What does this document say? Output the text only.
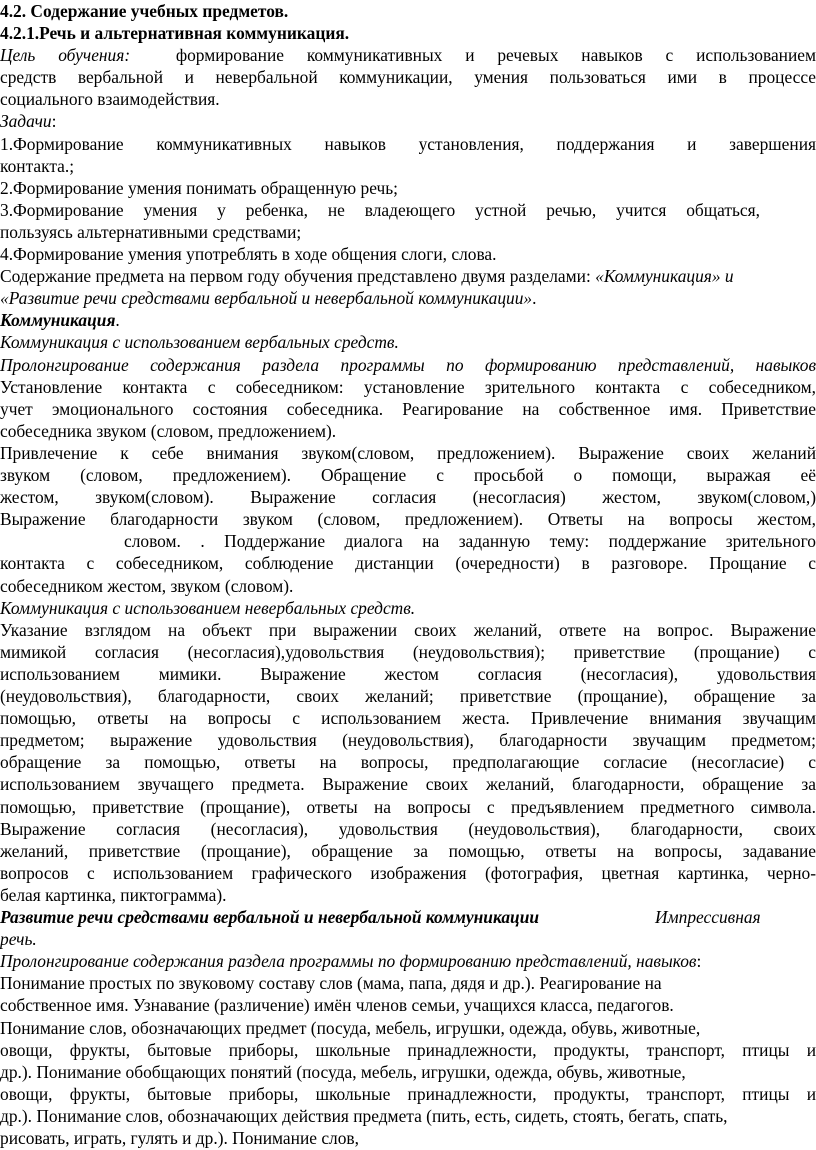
4.2. Содержание учебных предметов.
4.2.1.Речь и альтернативная коммуникация.
Цель обучения:	формирование коммуникативных и речевых навыков с использованием
средств вербальной и невербальной коммуникации, умения пользоваться ими в процессе
социального взаимодействия.
Задачи:
1.Формирование коммуникативных навыков установления, поддержания и завершения
контакта.;
2.Формирование умения понимать обращенную речь;
3.Формирование умения у ребенка, не владеющего устной речью, учится общаться,
пользуясь альтернативными средствами;
4.Формирование умения употреблять в ходе общения слоги, слова.
Содержание предмета на первом году обучения представлено двумя разделами: «Коммуникация» и
«Развитие речи средствами вербальной и невербальной коммуникации».
Коммуникация.
Коммуникация с использованием вербальных средств.
Пролонгирование содержания раздела программы по формированию представлений, навыков
Установление контакта с собеседником: установление зрительного контакта с собеседником,
учет эмоционального состояния собеседника. Реагирование на собственное имя. Приветствие
собеседника звуком (словом, предложением).
Привлечение к себе внимания звуком(словом, предложением). Выражение своих желаний
звуком (словом, предложением). Обращение с просьбой о помощи, выражая её
жестом, звуком(словом). Выражение согласия (несогласия) жестом, звуком(словом,)
Выражение благодарности звуком (словом, предложением). Ответы на вопросы жестом,
словом. . Поддержание диалога на заданную тему: поддержание зрительного
контакта с собеседником, соблюдение дистанции (очередности) в разговоре. Прощание с
собеседником жестом, звуком (словом).
Коммуникация с использованием невербальных средств.
Указание взглядом на объект при выражении своих желаний, ответе на вопрос. Выражение
мимикой согласия (несогласия),удовольствия (неудовольствия); приветствие (прощание) с
использованием мимики. Выражение жестом согласия (несогласия), удовольствия
(неудовольствия), благодарности, своих желаний; приветствие (прощание), обращение за
помощью, ответы на вопросы с использованием жеста. Привлечение внимания звучащим
предметом; выражение удовольствия (неудовольствия), благодарности звучащим предметом;
обращение за помощью, ответы на вопросы, предполагающие согласие (несогласие) с
использованием звучащего предмета. Выражение своих желаний, благодарности, обращение за
помощью, приветствие (прощание), ответы на вопросы с предъявлением предметного символа.
Выражение согласия (несогласия), удовольствия (неудовольствия), благодарности, своих
желаний, приветствие (прощание), обращение за помощью, ответы на вопросы, задавание
вопросов с использованием графического изображения (фотография, цветная картинка, черно-
белая картинка, пиктограмма).
Развитие речи средствами вербальной и невербальной коммуникации	Импрессивная
речь.
Пролонгирование содержания раздела программы по формированию представлений, навыков:
Понимание простых по звуковому составу слов (мама, папа, дядя и др.). Реагирование на
собственное имя. Узнавание (различение) имён членов семьи, учащихся класса, педагогов.
Понимание слов, обозначающих предмет (посуда, мебель, игрушки, одежда, обувь, животные,
овощи, фрукты, бытовые приборы, школьные принадлежности, продукты, транспорт, птицы и
др.). Понимание обобщающих понятий (посуда, мебель, игрушки, одежда, обувь, животные,
овощи, фрукты, бытовые приборы, школьные принадлежности, продукты, транспорт, птицы и
др.). Понимание слов, обозначающих действия предмета (пить, есть, сидеть, стоять, бегать, спать,
рисовать, играть, гулять и др.). Понимание слов,
